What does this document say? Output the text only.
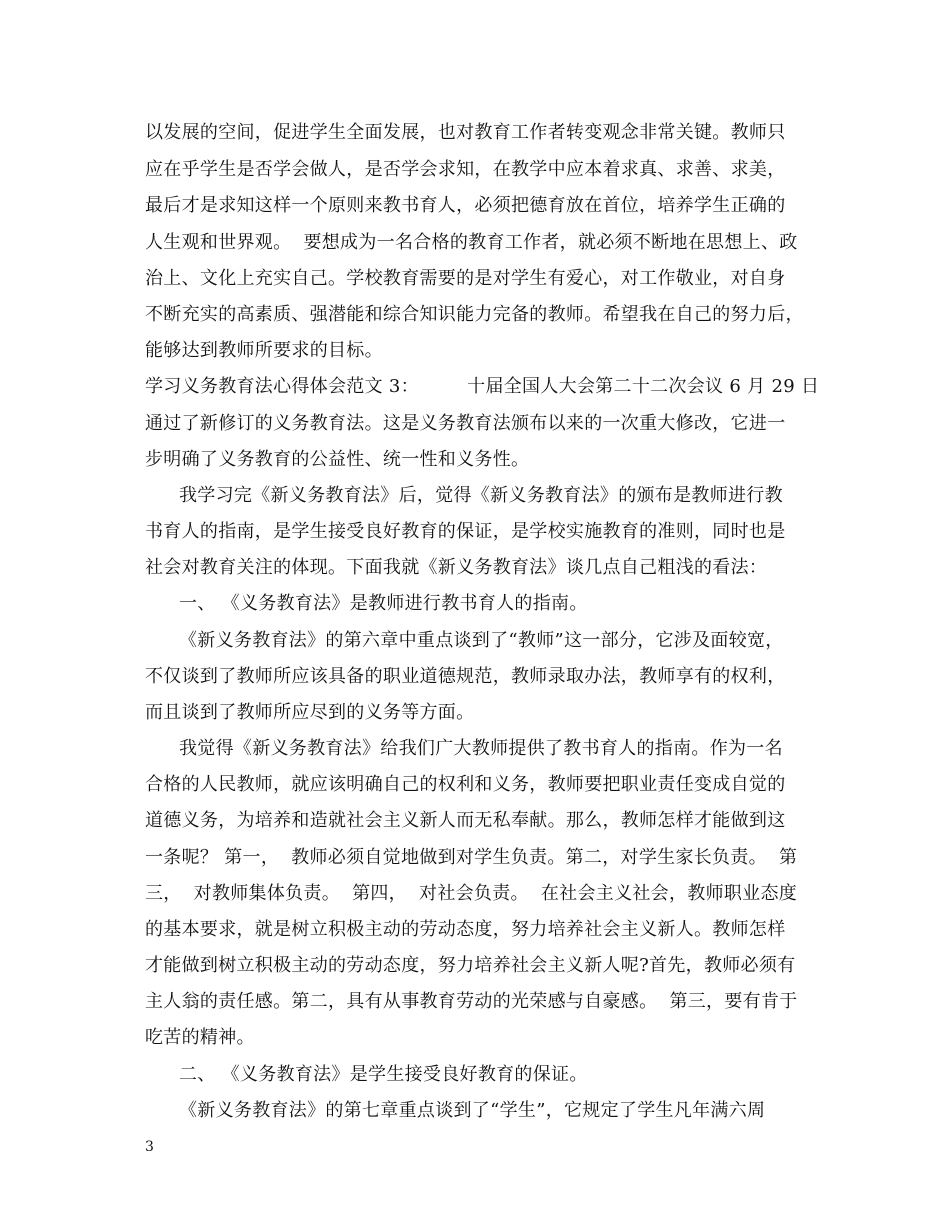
以发展的空间，促进学生全面发展，也对教育工作者转变观念非常关键。教师只
应在乎学生是否学会做人，是否学会求知，在教学中应本着求真、求善、求美，
最后才是求知这样一个原则来教书育人，必须把德育放在首位，培养学生正确的
人生观和世界观。  要想成为一名合格的教育工作者，就必须不断地在思想上、政
治上、文化上充实自己。学校教育需要的是对学生有爱心，对工作敬业，对自身
不断充实的高素质、强潜能和综合知识能力完备的教师。希望我在自己的努力后，
能够达到教师所要求的目标。
学习义务教育法心得体会范文 3：        十届全国人大会第二十二次会议 6 月 29 日
通过了新修订的义务教育法。这是义务教育法颁布以来的一次重大修改，它进一
步明确了义务教育的公益性、统一性和义务性。
我学习完《新义务教育法》后，觉得《新义务教育法》的颁布是教师进行教
书育人的指南，是学生接受良好教育的保证，是学校实施教育的准则，同时也是
社会对教育关注的体现。下面我就《新义务教育法》谈几点自己粗浅的看法：
一、 《义务教育法》是教师进行教书育人的指南。
《新义务教育法》的第六章中重点谈到了“教师”这一部分，它涉及面较宽，
不仅谈到了教师所应该具备的职业道德规范，教师录取办法，教师享有的权利，
而且谈到了教师所应尽到的义务等方面。
我觉得《新义务教育法》给我们广大教师提供了教书育人的指南。作为一名
合格的人民教师，就应该明确自己的权利和义务，教师要把职业责任变成自觉的
道德义务，为培养和造就社会主义新人而无私奉献。那么，教师怎样才能做到这
一条呢？ 第一，  教师必须自觉地做到对学生负责。第二，对学生家长负责。  第
三，  对教师集体负责。  第四，  对社会负责。  在社会主义社会，教师职业态度
的基本要求，就是树立积极主动的劳动态度，努力培养社会主义新人。教师怎样
才能做到树立积极主动的劳动态度，努力培养社会主义新人呢?首先，教师必须有
主人翁的责任感。第二，具有从事教育劳动的光荣感与自豪感。  第三，要有肯于
吃苦的精神。
二、 《义务教育法》是学生接受良好教育的保证。
《新义务教育法》的第七章重点谈到了“学生”，它规定了学生凡年满六周
3
